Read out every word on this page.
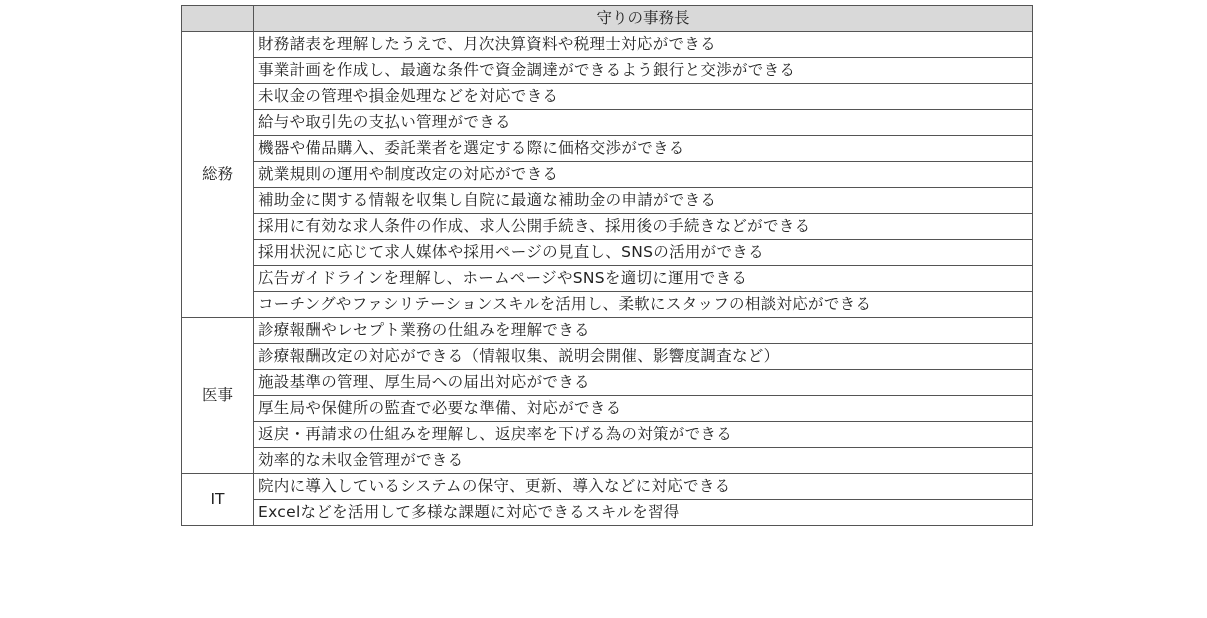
	守りの事務長
総務	財務諸表を理解したうえで、月次決算資料や税理士対応ができる
	事業計画を作成し、最適な条件で資金調達ができるよう銀行と交渉ができる
	未収金の管理や損金処理などを対応できる
	給与や取引先の支払い管理ができる
	機器や備品購入、委託業者を選定する際に価格交渉ができる
	就業規則の運用や制度改定の対応ができる
	補助金に関する情報を収集し自院に最適な補助金の申請ができる
	採用に有効な求人条件の作成、求人公開手続き、採用後の手続きなどができる
	採用状況に応じて求人媒体や採用ページの見直し、SNSの活用ができる
	広告ガイドラインを理解し、ホームページやSNSを適切に運用できる
	コーチングやファシリテーションスキルを活用し、柔軟にスタッフの相談対応ができる
医事	診療報酬やレセプト業務の仕組みを理解できる
	診療報酬改定の対応ができる（情報収集、説明会開催、影響度調査など）
	施設基準の管理、厚生局への届出対応ができる
	厚生局や保健所の監査で必要な準備、対応ができる
	返戻・再請求の仕組みを理解し、返戻率を下げる為の対策ができる
	効率的な未収金管理ができる
IT	院内に導入しているシステムの保守、更新、導入などに対応できる
	Excelなどを活用して多様な課題に対応できるスキルを習得
